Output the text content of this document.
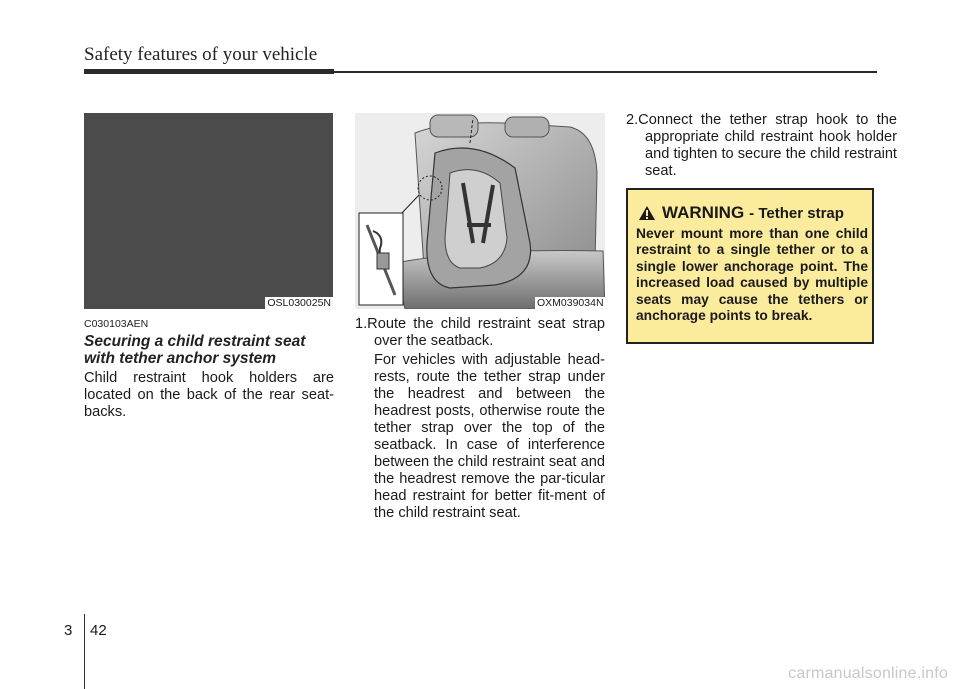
Safety features of your vehicle
OSL030025N
C030103AEN
Securing a child restraint seat with tether anchor system
Child restraint hook holders are located on the back of the rear seat-backs.
OXM039034N

1.Route the child restraint seat strap over the seatback.

For vehicles with adjustable head-rests, route the tether strap under the headrest and between the headrest posts, otherwise route the tether strap over the top of the seatback. In case of interference between the child restraint seat and the headrest remove the par-ticular head restraint for better fit-ment of the child restraint seat.

2.Connect the tether strap hook to the appropriate child restraint hook holder and tighten to secure the child restraint seat.
WARNING - Tether strap
Never mount more than one child restraint to a single tether or to a single lower anchorage point. The increased load caused by multiple seats may cause the tethers or anchorage points to break.
3 42
carmanualsonline.info
